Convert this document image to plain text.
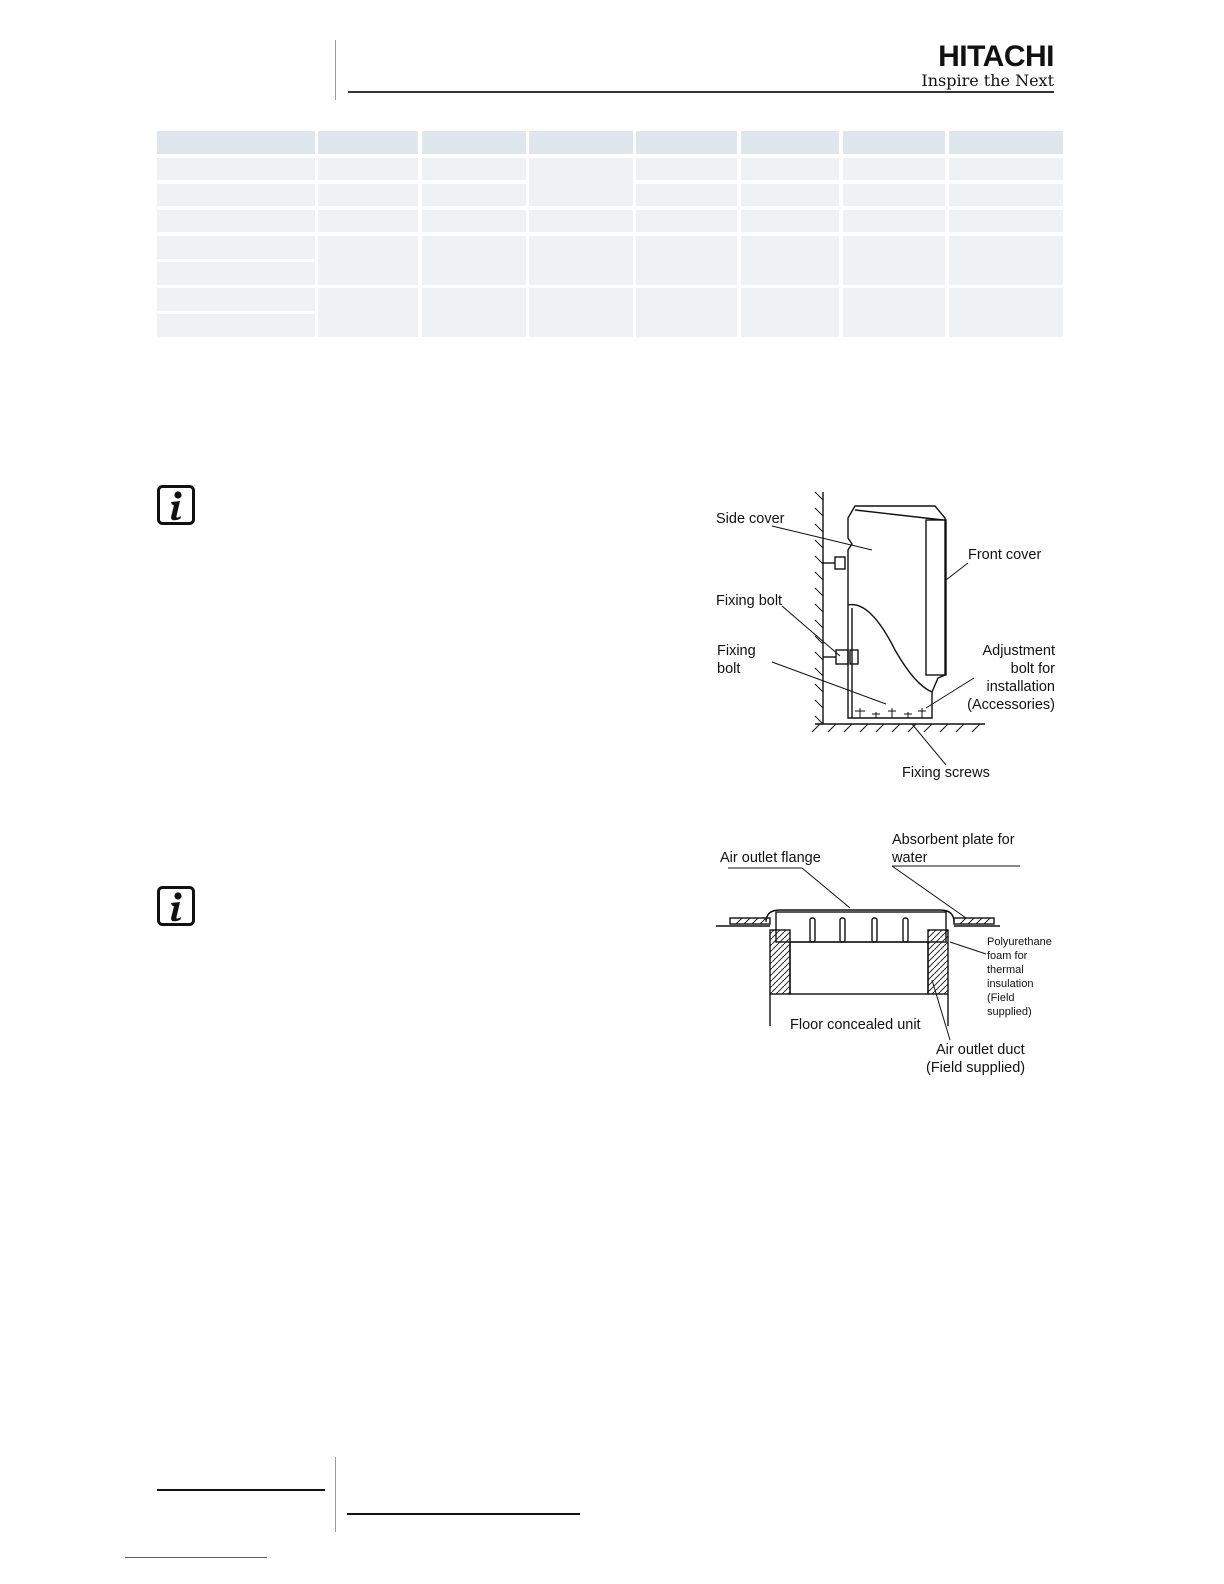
HITACHI
Inspire the Next
Side cover
Front cover
Fixing bolt
Fixing
bolt
Adjustment
bolt for
installation
(Accessories)
Fixing screws
Air outlet flange
Absorbent plate for
water
Polyurethane
foam for
thermal
insulation
(Field
supplied)
Floor concealed unit
Air outlet duct
(Field supplied)
